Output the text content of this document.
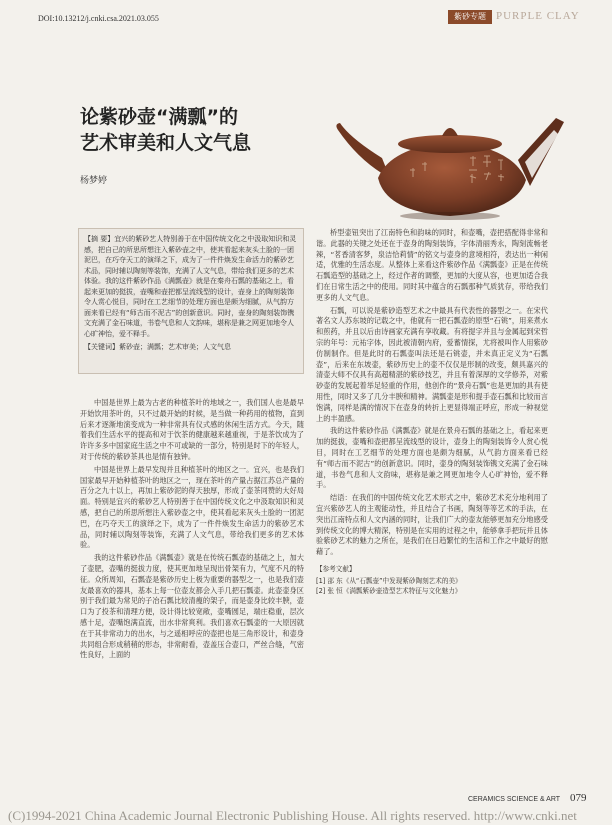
DOI:10.13212/j.cnki.csa.2021.03.055	紫砂专题 PURPLE CLAY
论紫砂壶“满瓢”的
艺术审美和人文气息
杨梦婷
【摘 要】宜兴的紫砂艺人特别善于在中国传统文化之中汲取知识和灵感，把自己的所思所想注入紫砂壶之中，使其看起来灰头土脸的一团泥巴，在巧夺天工的演绎之下，成为了一件件焕发生命活力的紫砂艺术品，同时辅以陶刻等装饰，充满了人文气息，带给我们更多的艺术体验。我的这件紫砂作品《满瓢壶》就是在秦舟石瓢的基础之上，看起来更加的挺拔，壶嘴和壶把都呈流线型的设计，壶身上的陶刻装饰令人赏心悦目，同时在工艺细节的处理方面也是颇为细腻，从气韵方面来看已经有“师古而不泥古”的创新意识。同时，壶身的陶刻装饰镌文充满了金石味道，书卷气息和人文韵味，堪称是兼之网更加地令人心旷神怡，爱不释手。
【关键词】紫砂壶；满瓢；艺术审美；人文气息

中国是世界上最为古老的种植茶叶的地域之一，我们国人也是最早开始饮用茶叶的，只不过最开始的时候，是当做一种药用的植物，直到后来才逐渐地演变成为一种非常具有仪式感的休闲生活方式。今天，随着我们生活水平的提高和对于饮茶的健康越来越重视，于是茶饮成为了许许多多中国家庭生活之中不可或缺的一部分，特别是时下的年轻人，对于传统的紫砂茶具也是情有独钟。

中国是世界上最早发现并且种植茶叶的地区之一。宜兴，也是我们国家最早开始种植茶叶的地区之一，现在茶叶的产量占据江苏总产量的百分之九十以上，再加上紫砂泥的得天独厚，形成了壶茶同赞的大好局面。特别是宜兴的紫砂艺人特别善于在中国传统文化之中汲取知识和灵感，把自己的所思所想注入紫砂壶之中，使其看起来灰头土脸的一团泥巴，在巧夺天工的演绎之下，成为了一件件焕发生命活力的紫砂艺术品，同时辅以陶刻等装饰，充满了人文气息，带给我们更多的艺术体验。

我的这件紫砂作品《满瓢壶》就是在传统石瓢壶的基础之上，加大了壶肥，壶嘴的挺拔力度，使其更加地呈现出骨架有力，气度不凡的特征。众所周知，石瓢壶是紫砂历史上极为重要的器型之一，也是我们壶友最喜欢的器具，基本上每一位壶友都会入手几把石瓢壶。此壶壶身区别于我们最为常见的子冶石瓢比较清瘦的架子，而是壶身比较丰腴，壶口为了投茶和清理方便，设计得比较宽敞，壶嘴圆足，端庄稳重，层次感十足，壶嘴饱满直流，出水非常爽利。我们喜欢石瓢壶的一大原因就在于其非常动力的出水，与之遥相呼应的壶把也是三角形设计，和壶身共同组合形成稍稍的形态，非常耐看，壶盖压合壶口，严丝合缝，气密性良好，上面的

桥型壶钮突出了江南特色和韵味的同时，和壶嘴，壶把搭配得非常和谐。此器的关键之处还在于壶身的陶刻装饰，字体清丽秀永，陶刻流畅老辣，“茗香清客梦，泉洁恰莉情”的铭文与壶身的意境相符，表达出一种闲适，优雅的生活态度。从整体上来看这件紫砂作品《满瓢壶》正是在传统石瓢造型的基础之上，经过作者的调整，更加的大度从容，也更加适合我们在日常生活之中的使用。同时其中蕴含的石瓢那种气质犹存，带给我们更多的人文气息。

石瓢，可以说是紫砂造型艺术之中最具有代表性的器型之一。在宋代著名文人苏东坡的记载之中，他就有一把石瓢壶的原型“石铫”，用来煮水和煎药，并且以后由诗画家充满有享收藏。有将提字并且与金属起到宋哲宗的年号：元祐字体，因此被清朝内府，爱蓄情探，尤将被叫作人用紫砂仿制制作。但是此时的石瓢壶叫法还是石铫壶，并未真正定义为“石瓢壶”，后来在东坡壶，紫砂历史上的壶不仅仅是形制的改变，颇具嘉兴的清壶大师不仅具有高超精湛的紫砂技艺，并且有着深厚的文学修养，对紫砂壶的发展起着举足轻重的作用，他创作的“景舟石瓢”也是更加的具有使用性，同时又多了几分丰腴和精神。满瓢壶是形和提手壶石瓢和比较而言饱满，同样是满的情况下在壶身的转折上更显得端正呼应，形成一种视觉上的丰盈感。

我的这件紫砂作品《满瓢壶》就是在景舟石瓢的基础之上，看起来更加的挺拔，壶嘴和壶把都呈流线型的设计，壶身上的陶刻装饰令人赏心悦目，同时在工艺细节的处理方面也是颇为细腻，从气韵方面来看已经有“师古而不泥古”的创新意识。同时，壶身的陶刻装饰镌文充满了金石味道，书卷气息和人文韵味，堪称是兼之网更加地令人心旷神怡，爱不释手。

结语：在我们的中国传统文化艺术形式之中，紫砂艺术充分地利用了宜兴紫砂艺人的主观能动性，并且结合了书画，陶刻等等艺术的手法，在突出江南特点和人文内涵的同时，让我们广大的壶友能够更加充分地感受到传统文化的博大精深，特别是在实用的过程之中，能够拿手把玩并且体验紫砂艺术的魅力之所在，是我们在日趋繁忙的生活和工作之中最好的慰藉了。

【参考文献】
[1] 邵 东《从“石瓢壶”中发现紫砂陶刻艺术的美》
[2] 张 恒《满瓢紫砂壶造型艺术特征与文化魅力》
CERAMICS SCIENCE & ART 079
(C)1994-2021 China Academic Journal Electronic Publishing House. All rights reserved. http://www.cnki.net
